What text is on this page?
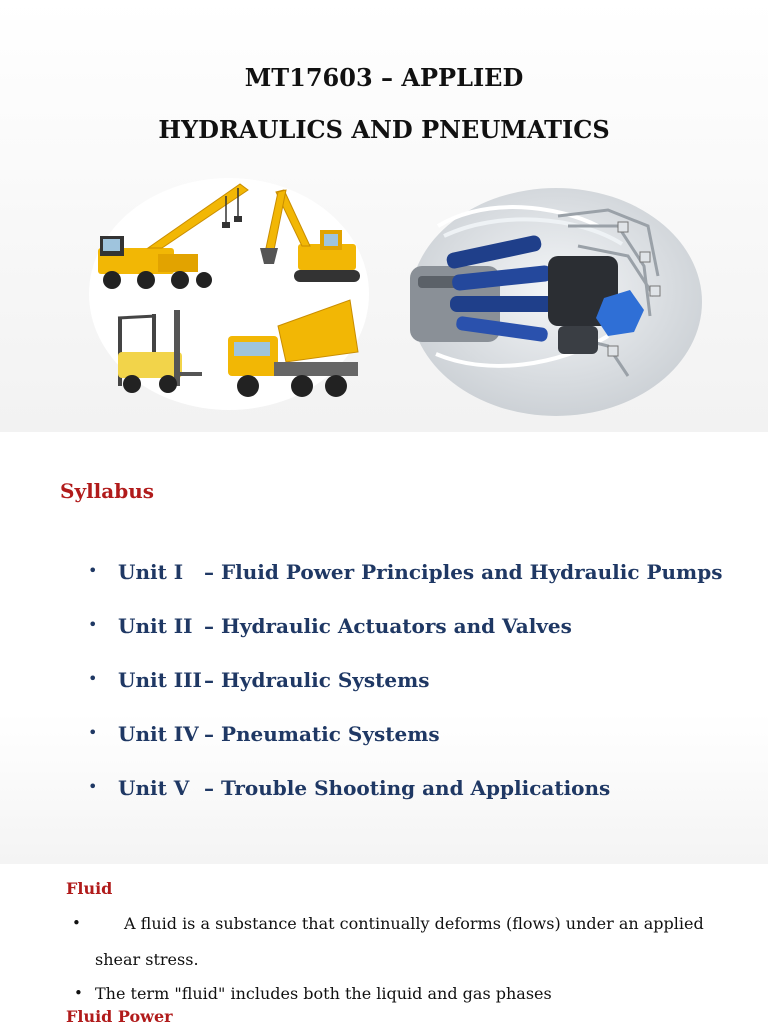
MT17603 – APPLIED
HYDRAULICS AND PNEUMATICS
Syllabus
• Unit I – Fluid Power Principles and Hydraulic Pumps
• Unit II – Hydraulic Actuators and Valves
• Unit III – Hydraulic Systems
• Unit IV – Pneumatic Systems
• Unit V – Trouble Shooting and Applications
Fluid
•	A fluid is a substance that continually deforms (flows) under an applied
shear stress.
• The term "fluid" includes both the liquid and gas phases
Fluid Power
